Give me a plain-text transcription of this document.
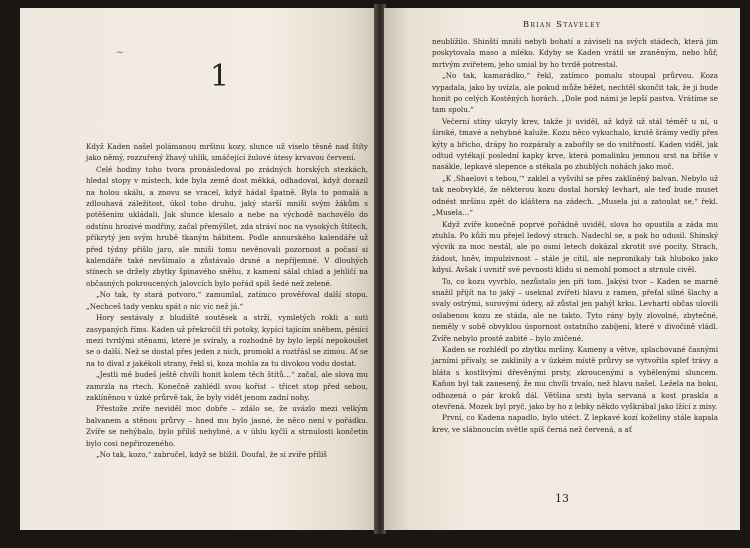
~
1

Když Kaden našel polámanou mršinu kozy, slunce už viselo těsně nad štíty jako němý, rozzuřený žhavý uhlík, smáčející žulové útesy krvavou červení.

Celé hodiny toho tvora pronásledoval po zrádných horských stezkách, hledal stopy v místech, kde byla země dost měkká, odhadoval, když dorazil na holou skálu, a znovu se vracel, když hádal špatně. Byla to pomalá a zdlouhavá záležitost, úkol toho druhu, jaký starší mniši svým žákům s potěšením ukládali. Jak slunce klesalo a nebe na východě nachovělo do odstínu hrozivé modřiny, začal přemýšlet, zda stráví noc na vysokých štítech, přikrytý jen svým hrubě tkaným hábitem. Podle annurského kalendáře už před týdny přišlo jaro, ale mniši tomu nevěnovali pozornost a počasí si kalendáře také nevšímalo a zůstávalo drsné a nepříjemné. V dlouhých stínech se držely zbytky špinavého sněhu, z kamení sálal chlad a jehličí na občasných pokroucených jalovcích bylo pořád spíš šedé než zelené.

„No tak, ty stará potvoro,“ zamumlal, zatímco prověřoval další stopu. „Nechceš tady venku spát o nic víc než já.“

Hory sestávaly z bludiště soutěsek a strží, vymletých rokli a suti zasypaných říms. Kaden už překročil tři potoky, kypící tajícím sněhem, pěnící mezi tvrdými stěnami, které je svíraly, a rozhodně by bylo lepší nepokoušet se o další. Než se dostal přes jeden z nich, promokl a roztřásl se zimou. Ať se na to díval z jakékoli strany, řekl si, koza mohla za tu divokou vodu dostat.

„Jestli mě budeš ještě chvíli honit kolem těch štítů…“ začal, ale slova mu zamrzla na rtech. Konečně zahlédl svou kořist – třicet stop před sebou, zaklíněnou v úzké průrvě tak, že byly vidět jenom zadní nohy.

Přestože zvíře neviděl moc dobře – zdálo se, že uvázlo mezi velkým balvanem a stěnou průrvy – hned mu bylo jasné, že něco není v pořádku. Zvíře se nehýbalo, bylo příliš nehybné, a v úhlu kyčlí a strnulosti končetin bylo cosi nepřirozeného.

„No tak, kozo,“ zabručel, když se blížil. Doufal, že si zvíře příliš

Brian Staveley

neublížilo. Shinští mniši nebyli bohatí a záviseli na svých stádech, která jim poskytovala maso a mléko. Kdyby se Kaden vrátil se zraněným, nebo hůř, mrtvým zvířetem, jeho umial by ho tvrdě potrestal.

„No tak, kamarádko,“ řekl, zatímco pomalu stoupal průrvou. Koza vypadala, jako by uvízla, ale pokud může běžet, nechtěl skončit tak, že ji bude honit po celých Kostěných horách. „Dole pod námi je lepší pastva. Vrátíme se tam spolu.“

Večerní stíny ukryly krev, takže ji uviděl, až když už stál téměř u ní, u široké, tmavé a nehybné kaluže. Kozu něco vykuchalo, krutě šrámy vedly přes kýty a břicho, drápy ho rozpáraly a zabořily se do vnitřností. Kaden viděl, jak odtud vytékají poslední kapky krve, která pomalinku jemnou srst na břiše v nasákle, lepkavé slepence a stékala po zhublých nohách jako moč.

„K ‚Shaelovi s tebou,‘“ zaklel a vyšvihl se přes zaklíněný balvan. Nebylo už tak neobvyklé, že některou kozu dostal horský levhart, ale teď bude muset odnést mršinu zpět do kláštera na zádech. „Musela jsi a zatoulat se,“ řekl. „Musela…“

Když zvíře konečně poprvé pořádně uviděl, slova ho opustila a záda mu ztuhla. Po kůži mu přejel ledový strach. Nadechl se, a pak ho udusil. Shinský výcvik za moc nestál, ale po osmi letech dokázal zkrotit své pocity. Strach, žádost, hněv, impulzivnost – stále je cítil, ale nepronikaly tak hluboko jako kdysi. Avšak i uvnitř své pevnosti klidu si nemohl pomoct a strnule civěl.

To, co kozu vyvrhlo, nezůstalo jen při tom. Jakýsi tvor – Kaden se marně snažil přijít na to jaký – useknal zvířeti hlavu z ramen, přeťal silné šlachy a svaly ostrými, surovými údery, až zůstal jen pahýl krku. Levharti občas ulovili oslabenou kozu ze stáda, ale ne takto. Tyto rány byly zlovolné, zbytečné, neměly v sobě obvyklou úspornost ostatního zabíjení, které v divočině vládl. Zvíře nebylo prostě zabité – bylo zničené.

Kaden se rozhlédl po zbytku mršiny. Kameny a větve, splachované časnými jarními přívaly, se zaklinily a v úzkém místě průrvy se vytvořila spleť trávy a bláta s kostlivými dřevěnými prsty, zkroucenými a vybělenými sluncem. Kaňon byl tak zanesený, že mu chvíli trvalo, než hlavu našel. Ležela na boku, odhozená o pár kroků dál. Většina srsti byla servaná a kost praskla a otevřená. Mozek byl pryč, jako by ho z lebky někdo vyškrábal jako lžící z misy.

První, co Kadena napadlo, bylo utéct. Z lepkavé kozí koželiny stále kapala krev, ve slábnoucím světle spíš černá než červená, a ať

13
